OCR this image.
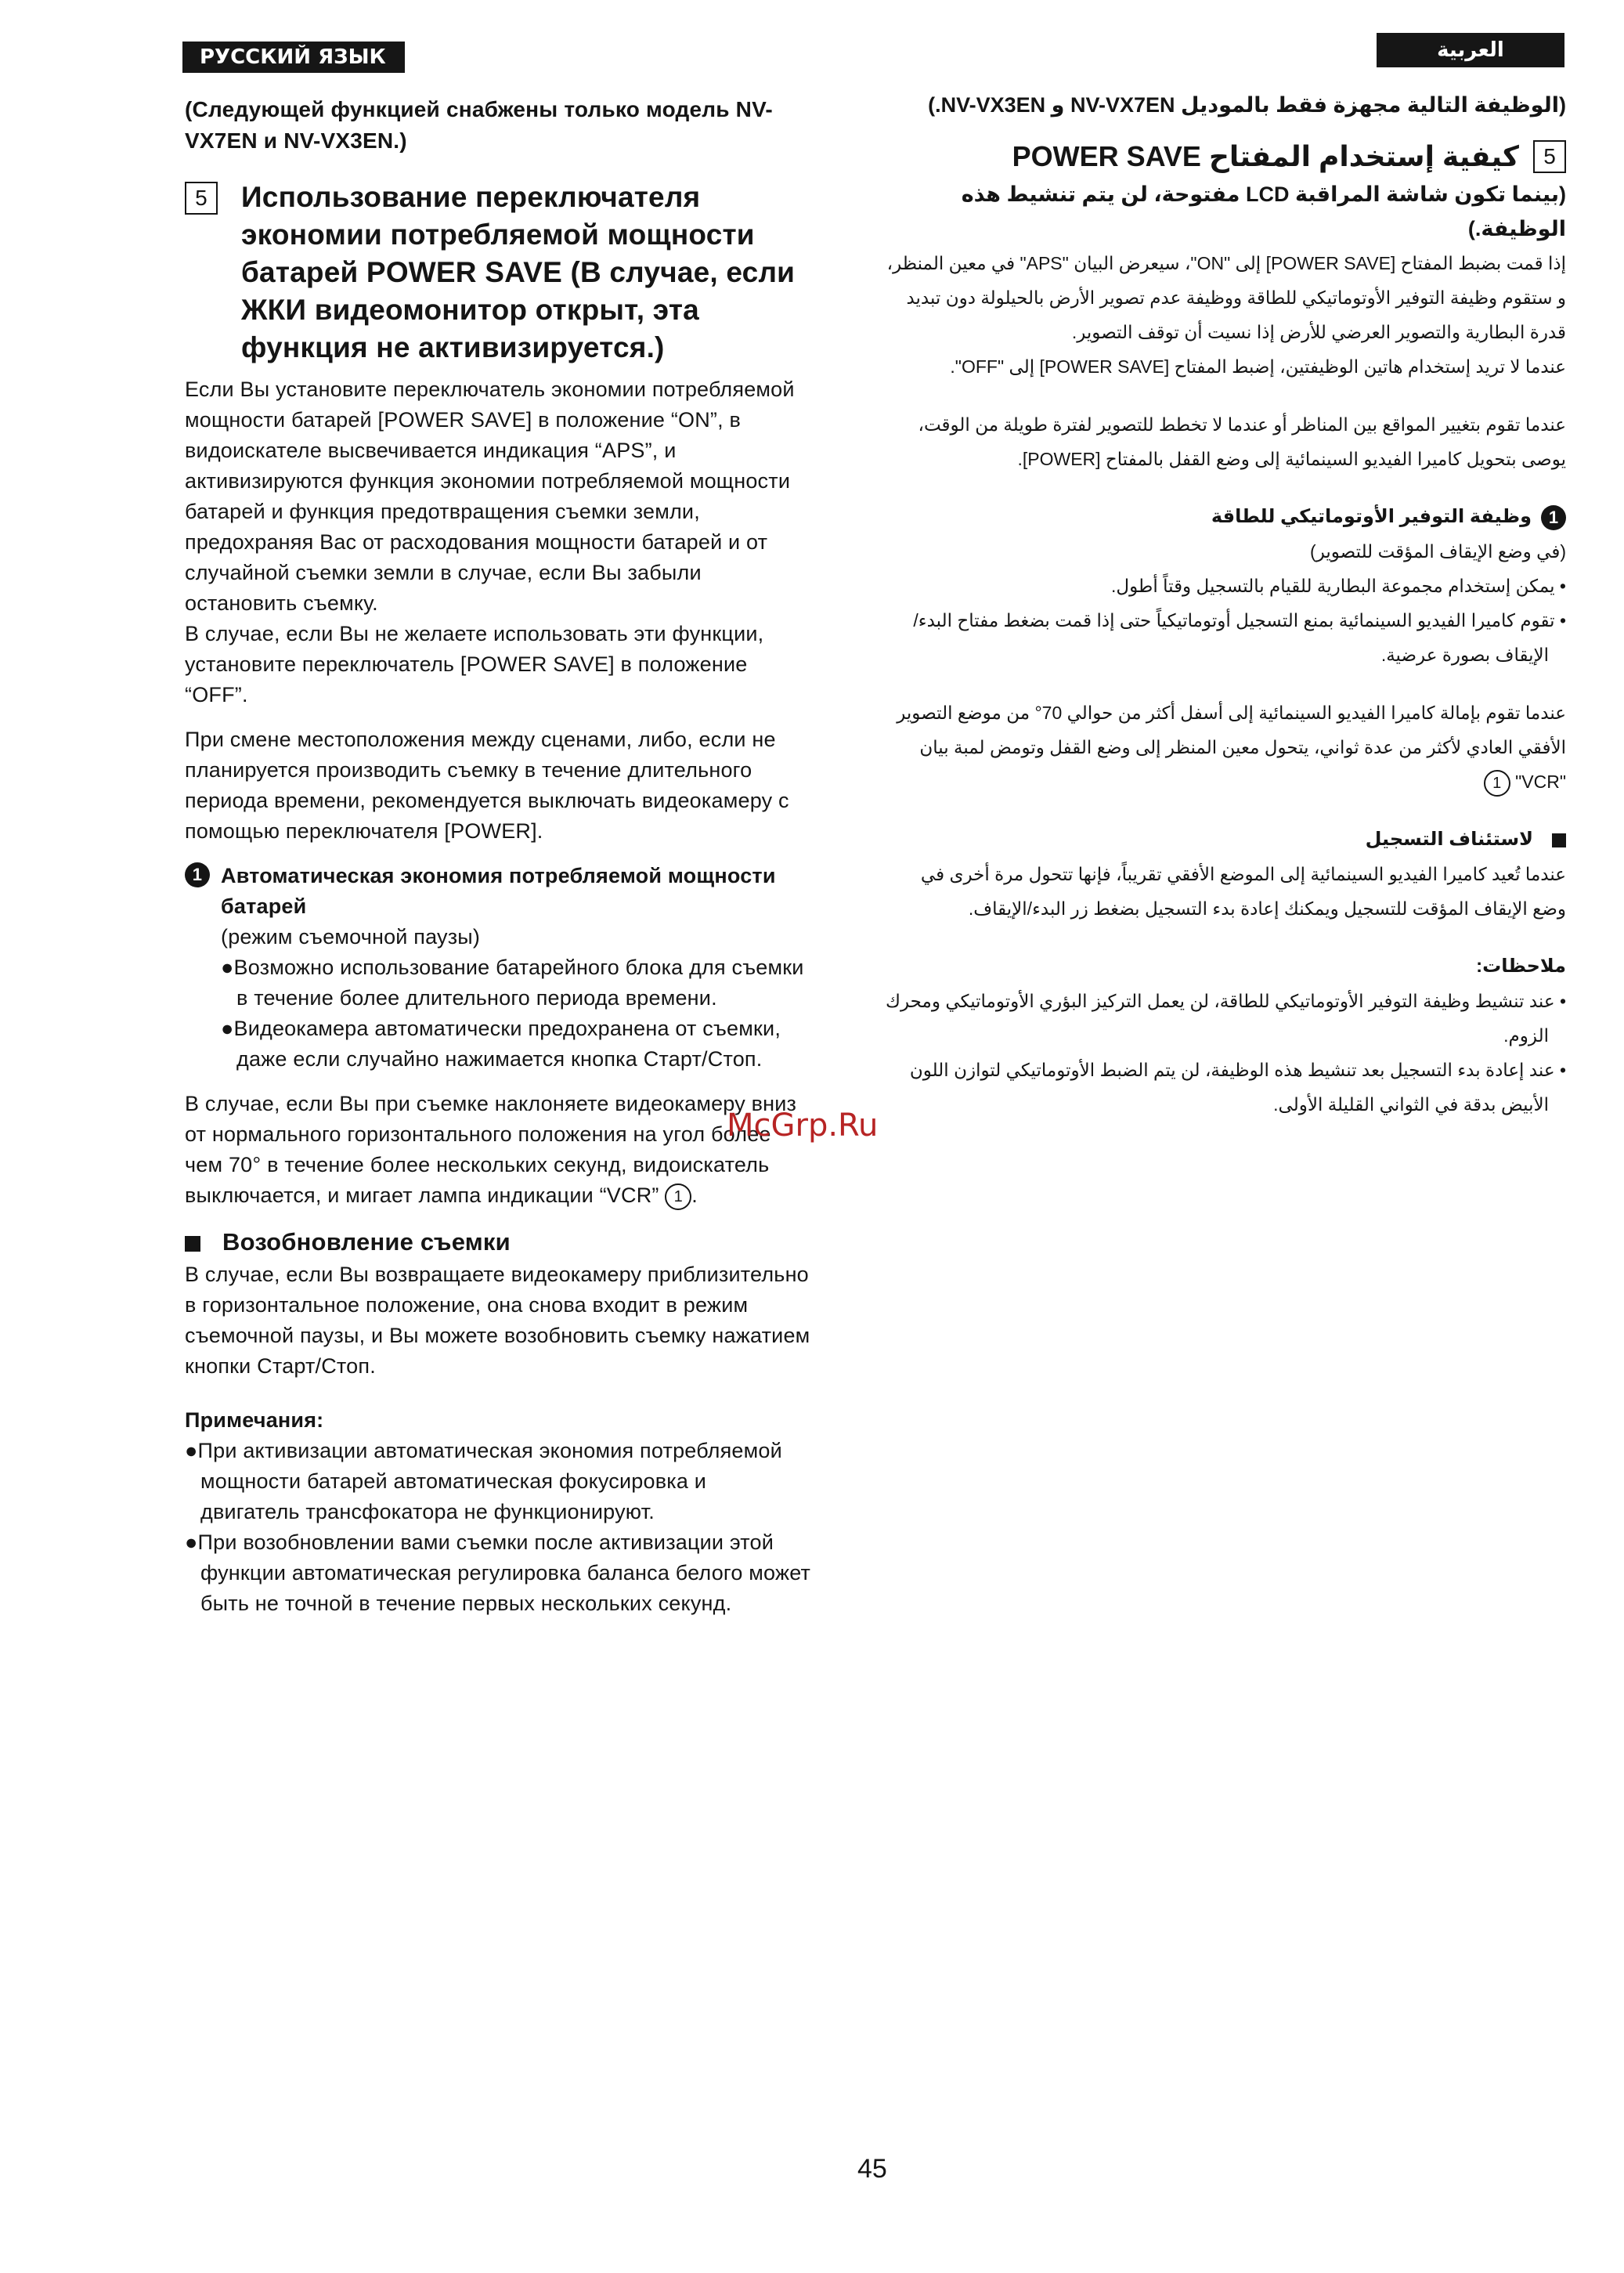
РУССКИЙ ЯЗЫК	العربية

(Следующей функцией снабжены только модель NV-VX7EN и NV-VX3EN.)

5	Использование переключателя экономии потребляемой мощности батарей POWER SAVE (В случае, если ЖКИ видеомонитор открыт, эта функция не активизируется.)

Если Вы установите переключатель экономии потребляемой мощности батарей [POWER SAVE] в положение “ON”, в видоискателе высвечивается индикация “APS”, и активизируются функция экономии потребляемой мощности батарей и функция предотвращения съемки земли, предохраняя Вас от расходования мощности батарей и от случайной съемки земли в случае, если Вы забыли остановить съемку.

В случае, если Вы не желаете использовать эти функции, установите переключатель [POWER SAVE] в положение “OFF”.

При смене местоположения между сценами, либо, если не планируется производить съемку в течение длительного периода времени, рекомендуется выключать видеокамеру с помощью переключателя [POWER].

1 Автоматическая экономия потребляемой мощности батарей

(режим съемочной паузы)

●Возможно использование батарейного блока для съемки в течение более длительного периода времени.

●Видеокамера автоматически предохранена от съемки, даже если случайно нажимается кнопка Старт/Стоп.

В случае, если Вы при съемке наклоняете видеокамеру вниз от нормального горизонтального положения на угол более чем 70° в течение более нескольких секунд, видоискатель выключается, и мигает лампа индикации “VCR” 1 .

Возобновление съемки

В случае, если Вы возвращаете видеокамеру приблизительно в горизонтальное положение, она снова входит в режим съемочной паузы, и Вы можете возобновить съемку нажатием кнопки Старт/Стоп.

Примечания:

●При активизации автоматическая экономия потребляемой мощности батарей автоматическая фокусировка и двигатель трансфокатора не функционируют.

●При возобновлении вами съемки после активизации этой функции автоматическая регулировка баланса белого может быть не точной в течение первых нескольких секунд.

(الوظيفة التالية مجهزة فقط بالموديل NV-VX7EN و NV-VX3EN.)

5
كيفية إستخدام المفتاح POWER SAVE

(بينما تكون شاشة المراقبة LCD مفتوحة، لن يتم تنشيط هذه الوظيفة.)

إذا قمت بضبط المفتاح [POWER SAVE] إلى "ON"، سيعرض البيان "APS" في معين المنظر، و ستقوم وظيفة التوفير الأوتوماتيكي للطاقة ووظيفة عدم تصوير الأرض بالحيلولة دون تبديد قدرة البطارية والتصوير العرضي للأرض إذا نسيت أن توقف التصوير.

عندما لا تريد إستخدام هاتين الوظيفتين، إضبط المفتاح [POWER SAVE] إلى "OFF".

عندما تقوم بتغيير المواقع بين المناظر أو عندما لا تخطط للتصوير لفترة طويلة من الوقت، يوصى بتحويل كاميرا الفيديو السينمائية إلى وضع القفل بالمفتاح [POWER].

1وظيفة التوفير الأوتوماتيكي للطاقة

(في وضع الإيقاف المؤقت للتصوير)

• يمكن إستخدام مجموعة البطارية للقيام بالتسجيل وقتاً أطول.

• تقوم كاميرا الفيديو السينمائية بمنع التسجيل أوتوماتيكياً حتى إذا قمت بضغط مفتاح البدء/الإيقاف بصورة عرضية.

عندما تقوم بإمالة كاميرا الفيديو السينمائية إلى أسفل أكثر من حوالي 70° من موضع التصوير الأفقي العادي لأكثر من عدة ثواني، يتحول معين المنظر إلى وضع القفل وتومض لمبة بيان "VCR" 1

لاستئناف التسجيل

عندما تُعيد كاميرا الفيديو السينمائية إلى الموضع الأفقي تقريباً، فإنها تتحول مرة أخرى في وضع الإيقاف المؤقت للتسجيل ويمكنك إعادة بدء التسجيل بضغط زر البدء/الإيقاف.

ملاحظات:

• عند تنشيط وظيفة التوفير الأوتوماتيكي للطاقة، لن يعمل التركيز البؤري الأوتوماتيكي ومحرك الزوم.

• عند إعادة بدء التسجيل بعد تنشيط هذه الوظيفة، لن يتم الضبط الأوتوماتيكي لتوازن اللون الأبيض بدقة في الثواني القليلة الأولى.

McGrp.Ru
45
